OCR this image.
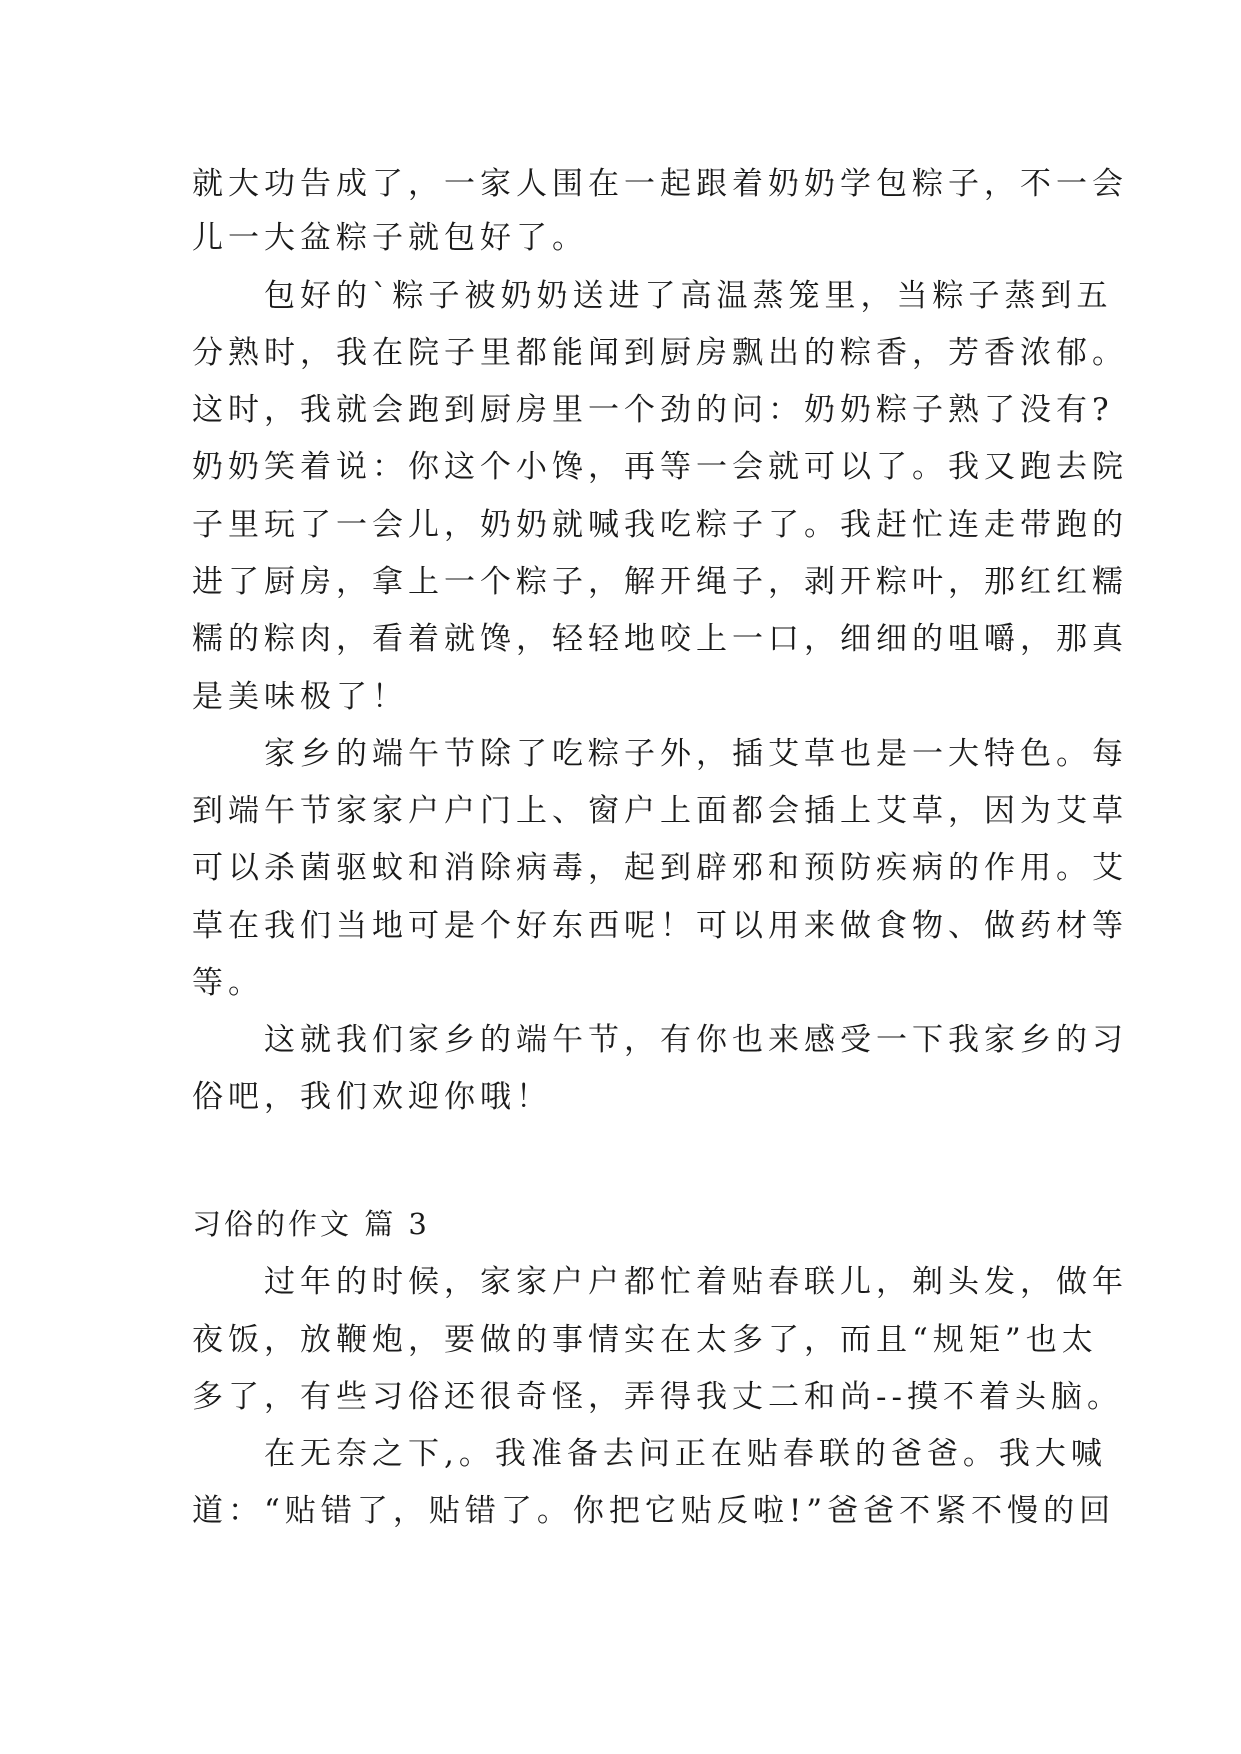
就大功告成了，一家人围在一起跟着奶奶学包粽子，不一会
儿一大盆粽子就包好了。
　　包好的`粽子被奶奶送进了高温蒸笼里，当粽子蒸到五
分熟时，我在院子里都能闻到厨房飘出的粽香，芳香浓郁。
这时，我就会跑到厨房里一个劲的问：奶奶粽子熟了没有?
奶奶笑着说：你这个小馋，再等一会就可以了。我又跑去院
子里玩了一会儿，奶奶就喊我吃粽子了。我赶忙连走带跑的
进了厨房，拿上一个粽子，解开绳子，剥开粽叶，那红红糯
糯的粽肉，看着就馋，轻轻地咬上一口，细细的咀嚼，那真
是美味极了！
　　家乡的端午节除了吃粽子外，插艾草也是一大特色。每
到端午节家家户户门上、窗户上面都会插上艾草，因为艾草
可以杀菌驱蚊和消除病毒，起到辟邪和预防疾病的作用。艾
草在我们当地可是个好东西呢！可以用来做食物、做药材等
等。
　　这就我们家乡的端午节，有你也来感受一下我家乡的习
俗吧，我们欢迎你哦！
习俗的作文 篇 3
　　过年的时候，家家户户都忙着贴春联儿，剃头发，做年
夜饭，放鞭炮，要做的事情实在太多了，而且“规矩”也太
多了，有些习俗还很奇怪，弄得我丈二和尚--摸不着头脑。
　　在无奈之下,。我准备去问正在贴春联的爸爸。我大喊
道：“贴错了，贴错了。你把它贴反啦!”爸爸不紧不慢的回
